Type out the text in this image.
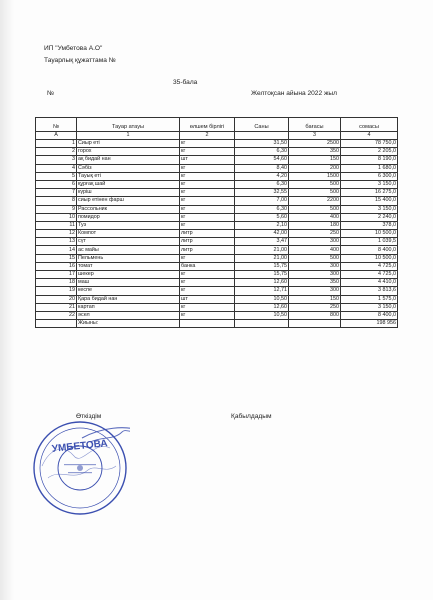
ИП "Умбетова А.О"
Тауарлық құжаттама №
35-бала
№	Желтоқсан айына 2022 жыл
№	Тауар атауы	өлшем бірлігі	Саны	бағасы	сомасы
А	1	2		3	4
1	Сиыр еті	кг	31,50	2500	78 750,0
2	горох	кг	6,30	350	2 205,0
3	ақ бидай нан	шт	54,60	150	8 190,0
4	Сәбіз	кг	8,40	200	1 680,0
5	Тауық еті	кг	4,20	1500	6 300,0
6	құрғақ шай	кг	6,30	500	3 150,0
7	күріш	кг	32,55	500	16 275,0
8	сиыр етінен фарш	кг	7,00	2200	15 400,0
9	Рассольник	кг	6,30	500	3 150,0
10	помидор	кг	5,60	400	2 240,0
11	Туз	кг	2,10	180	378,0
12	Компот	литр	42,00	250	10 500,0
13	сүт	литр	3,47	300	1 039,5
14	ас майы	литр	21,00	400	8 400,0
15	Пельмень	кг	21,00	500	10 500,0
16	томат	банка	15,75	300	4 725,0
17	шекер	кг	15,75	300	4 725,0
18	маш	кг	12,60	350	4 410,0
19	кеспе	кг	12,71	300	3 813,6
20	Қара бидай нан	шт	10,50	150	1 575,0
21	картап	кг	12,60	250	3 150,0
22	әсел	кг	10,50	800	8 400,0
	Жиыны:				198 956
Өткіздім	Қабылдадым
УМБЕТОВА
